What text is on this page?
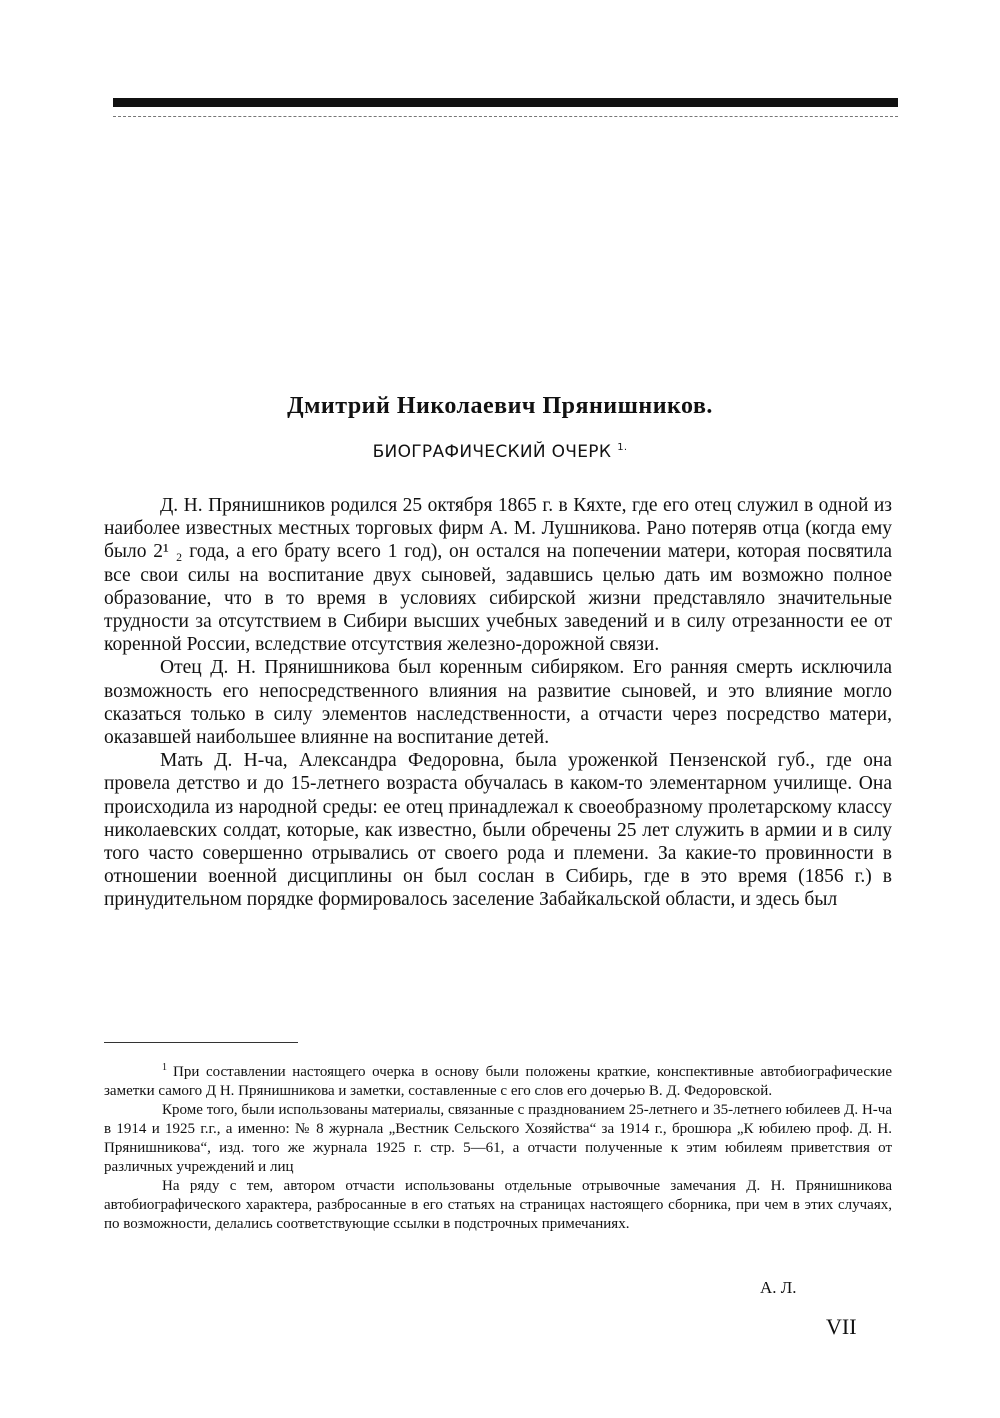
Дмитрий Николаевич Прянишников.
БИОГРАФИЧЕСКИЙ ОЧЕРК $^{1.}$

Д. Н. Прянишников родился 25 октября 1865 г. в Кяхте, где его отец служил в одной из наиболее известных местных торговых фирм А. М. Лушникова. Рано потеряв отца (когда ему было 2¹ ₂ года, а его брату всего 1 год), он остался на попечении матери, которая посвятила все свои силы на воспитание двух сыновей, задавшись целью дать им возможно полное образование, что в то время в условиях сибирской жизни представляло значительные трудности за отсутствием в Сибири высших учебных заведений и в силу отрезанности ее от коренной России, вследствие отсутствия железно-дорожной связи.

Отец Д. Н. Прянишникова был коренным сибиряком. Его ранняя смерть исключила возможность его непосредственного влияния на развитие сыновей, и это влияние могло сказаться только в силу элементов наследственности, а отчасти через посредство матери, оказавшей наибольшее влиянне на воспитание детей.

Мать Д. Н-ча, Александра Федоровна, была уроженкой Пензенской губ., где она провела детство и до 15-летнего возраста обучалась в каком-то элементарном училище. Она происходила из народной среды: ее отец принадлежал к своеобразному пролетарскому классу николаевских солдат, которые, как известно, были обречены 25 лет служить в армии и в силу того часто совершенно отрывались от своего рода и племени. За какие-то провинности в отношении военной дисциплины он был сослан в Сибирь, где в это время (1856 г.) в принудительном порядке формировалось заселение Забайкальской области, и здесь был

$^1$ При составлении настоящего очерка в основу были положены краткие, конспективные автобиографические заметки самого Д Н. Прянишникова и заметки, составленные с его слов его дочерью В. Д. Федоровской.

Кроме того, были использованы материалы, связанные с празднованием 25-летнего и 35-летнего юбилеев Д. Н-ча в 1914 и 1925 г.г., а именно: № 8 журнала „Вестник Сельского Хозяйства“ за 1914 г., брошюра „К юбилею проф. Д. Н. Прянишникова“, изд. того же журнала 1925 г. стр. 5—61, а отчасти полученные к этим юбилеям приветствия от различных учреждений и лиц

На ряду с тем, автором отчасти использованы отдельные отрывочные замечания Д. Н. Прянишникова автобиографического характера, разбросанные в его статьях на страницах настоящего сборника, при чем в этих случаях, по возможности, делались соответствующие ссылки в подстрочных примечаниях.

А. Л.
VII
